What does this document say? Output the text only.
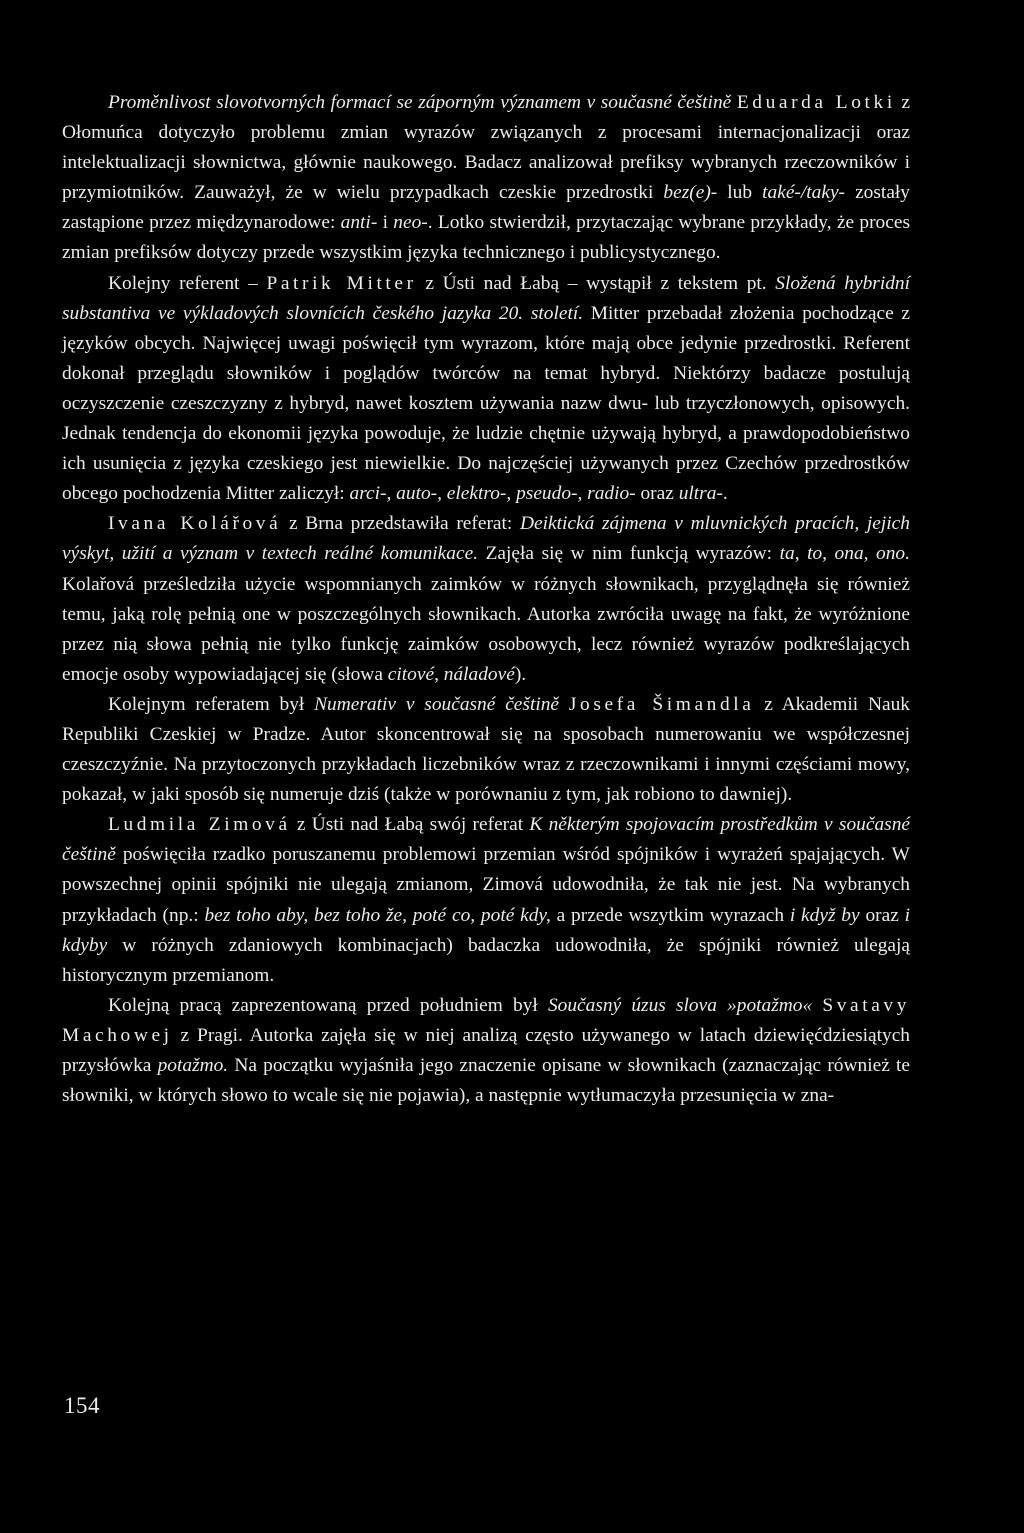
Proměnlivost slovotvorných formací se záporným významem v současné češtině Eduarda Lotki z Ołomuńca dotyczyło problemu zmian wyrazów związanych z procesami internacjonalizacji oraz intelektualizacji słownictwa, głównie naukowego. Badacz analizował prefiksy wybranych rzeczowników i przymiotników. Zauważył, że w wielu przypadkach czeskie przedrostki bez(e)- lub také-/taky- zostały zastąpione przez międzynarodowe: anti- i neo-. Lotko stwierdził, przytaczając wybrane przykłady, że proces zmian prefiksów dotyczy przede wszystkim języka technicznego i publicystycznego.

Kolejny referent – Patrik Mitter z Ústi nad Łabą – wystąpił z tekstem pt. Složená hybridní substantiva ve výkladových slovnících českého jazyka 20. století. Mitter przebadał złożenia pochodzące z języków obcych. Najwięcej uwagi poświęcił tym wyrazom, które mają obce jedynie przedrostki. Referent dokonał przeglądu słowników i poglądów twórców na temat hybryd. Niektórzy badacze postulują oczyszczenie czeszczyzny z hybryd, nawet kosztem używania nazw dwu- lub trzyczłonowych, opisowych. Jednak tendencja do ekonomii języka powoduje, że ludzie chętnie używają hybryd, a prawdopodobieństwo ich usunięcia z języka czeskiego jest niewielkie. Do najczęściej używanych przez Czechów przedrostków obcego pochodzenia Mitter zaliczył: arci-, auto-, elektro-, pseudo-, radio- oraz ultra-.

Ivana Kolářová z Brna przedstawiła referat: Deiktická zájmena v mluvnických pracích, jejich výskyt, užití a význam v textech reálné komunikace. Zajęła się w nim funkcją wyrazów: ta, to, ona, ono. Kolařová prześledziła użycie wspomnianych zaimków w różnych słownikach, przyglądnęła się również temu, jaką rolę pełnią one w poszczególnych słownikach. Autorka zwróciła uwagę na fakt, że wyróżnione przez nią słowa pełnią nie tylko funkcję zaimków osobowych, lecz również wyrazów podkreślających emocje osoby wypowiadającej się (słowa citové, náladové).

Kolejnym referatem był Numerativ v současné češtině Josefa Šimandla z Akademii Nauk Republiki Czeskiej w Pradze. Autor skoncentrował się na sposobach numerowaniu we współczesnej czeszczyźnie. Na przytoczonych przykładach liczebników wraz z rzeczownikami i innymi częściami mowy, pokazał, w jaki sposób się numeruje dziś (także w porównaniu z tym, jak robiono to dawniej).

Ludmila Zimová z Ústi nad Łabą swój referat K některým spojovacím prostředkům v současné češtině poświęciła rzadko poruszanemu problemowi przemian wśród spójników i wyrażeń spajających. W powszechnej opinii spójniki nie ulegają zmianom, Zimová udowodniła, że tak nie jest. Na wybranych przykładach (np.: bez toho aby, bez toho že, poté co, poté kdy, a przede wszytkim wyrazach i když by oraz i kdyby w różnych zdaniowych kombinacjach) badaczka udowodniła, że spójniki również ulegają historycznym przemianom.

Kolejną pracą zaprezentowaną przed południem był Současný úzus slova »potažmo« Svatavy Machowej z Pragi. Autorka zajęła się w niej analizą często używanego w latach dziewięćdziesiątych przysłówka potažmo. Na początku wyjaśniła jego znaczenie opisane w słownikach (zaznaczając również te słowniki, w których słowo to wcale się nie pojawia), a następnie wytłumaczyła przesunięcia w zna-

154
